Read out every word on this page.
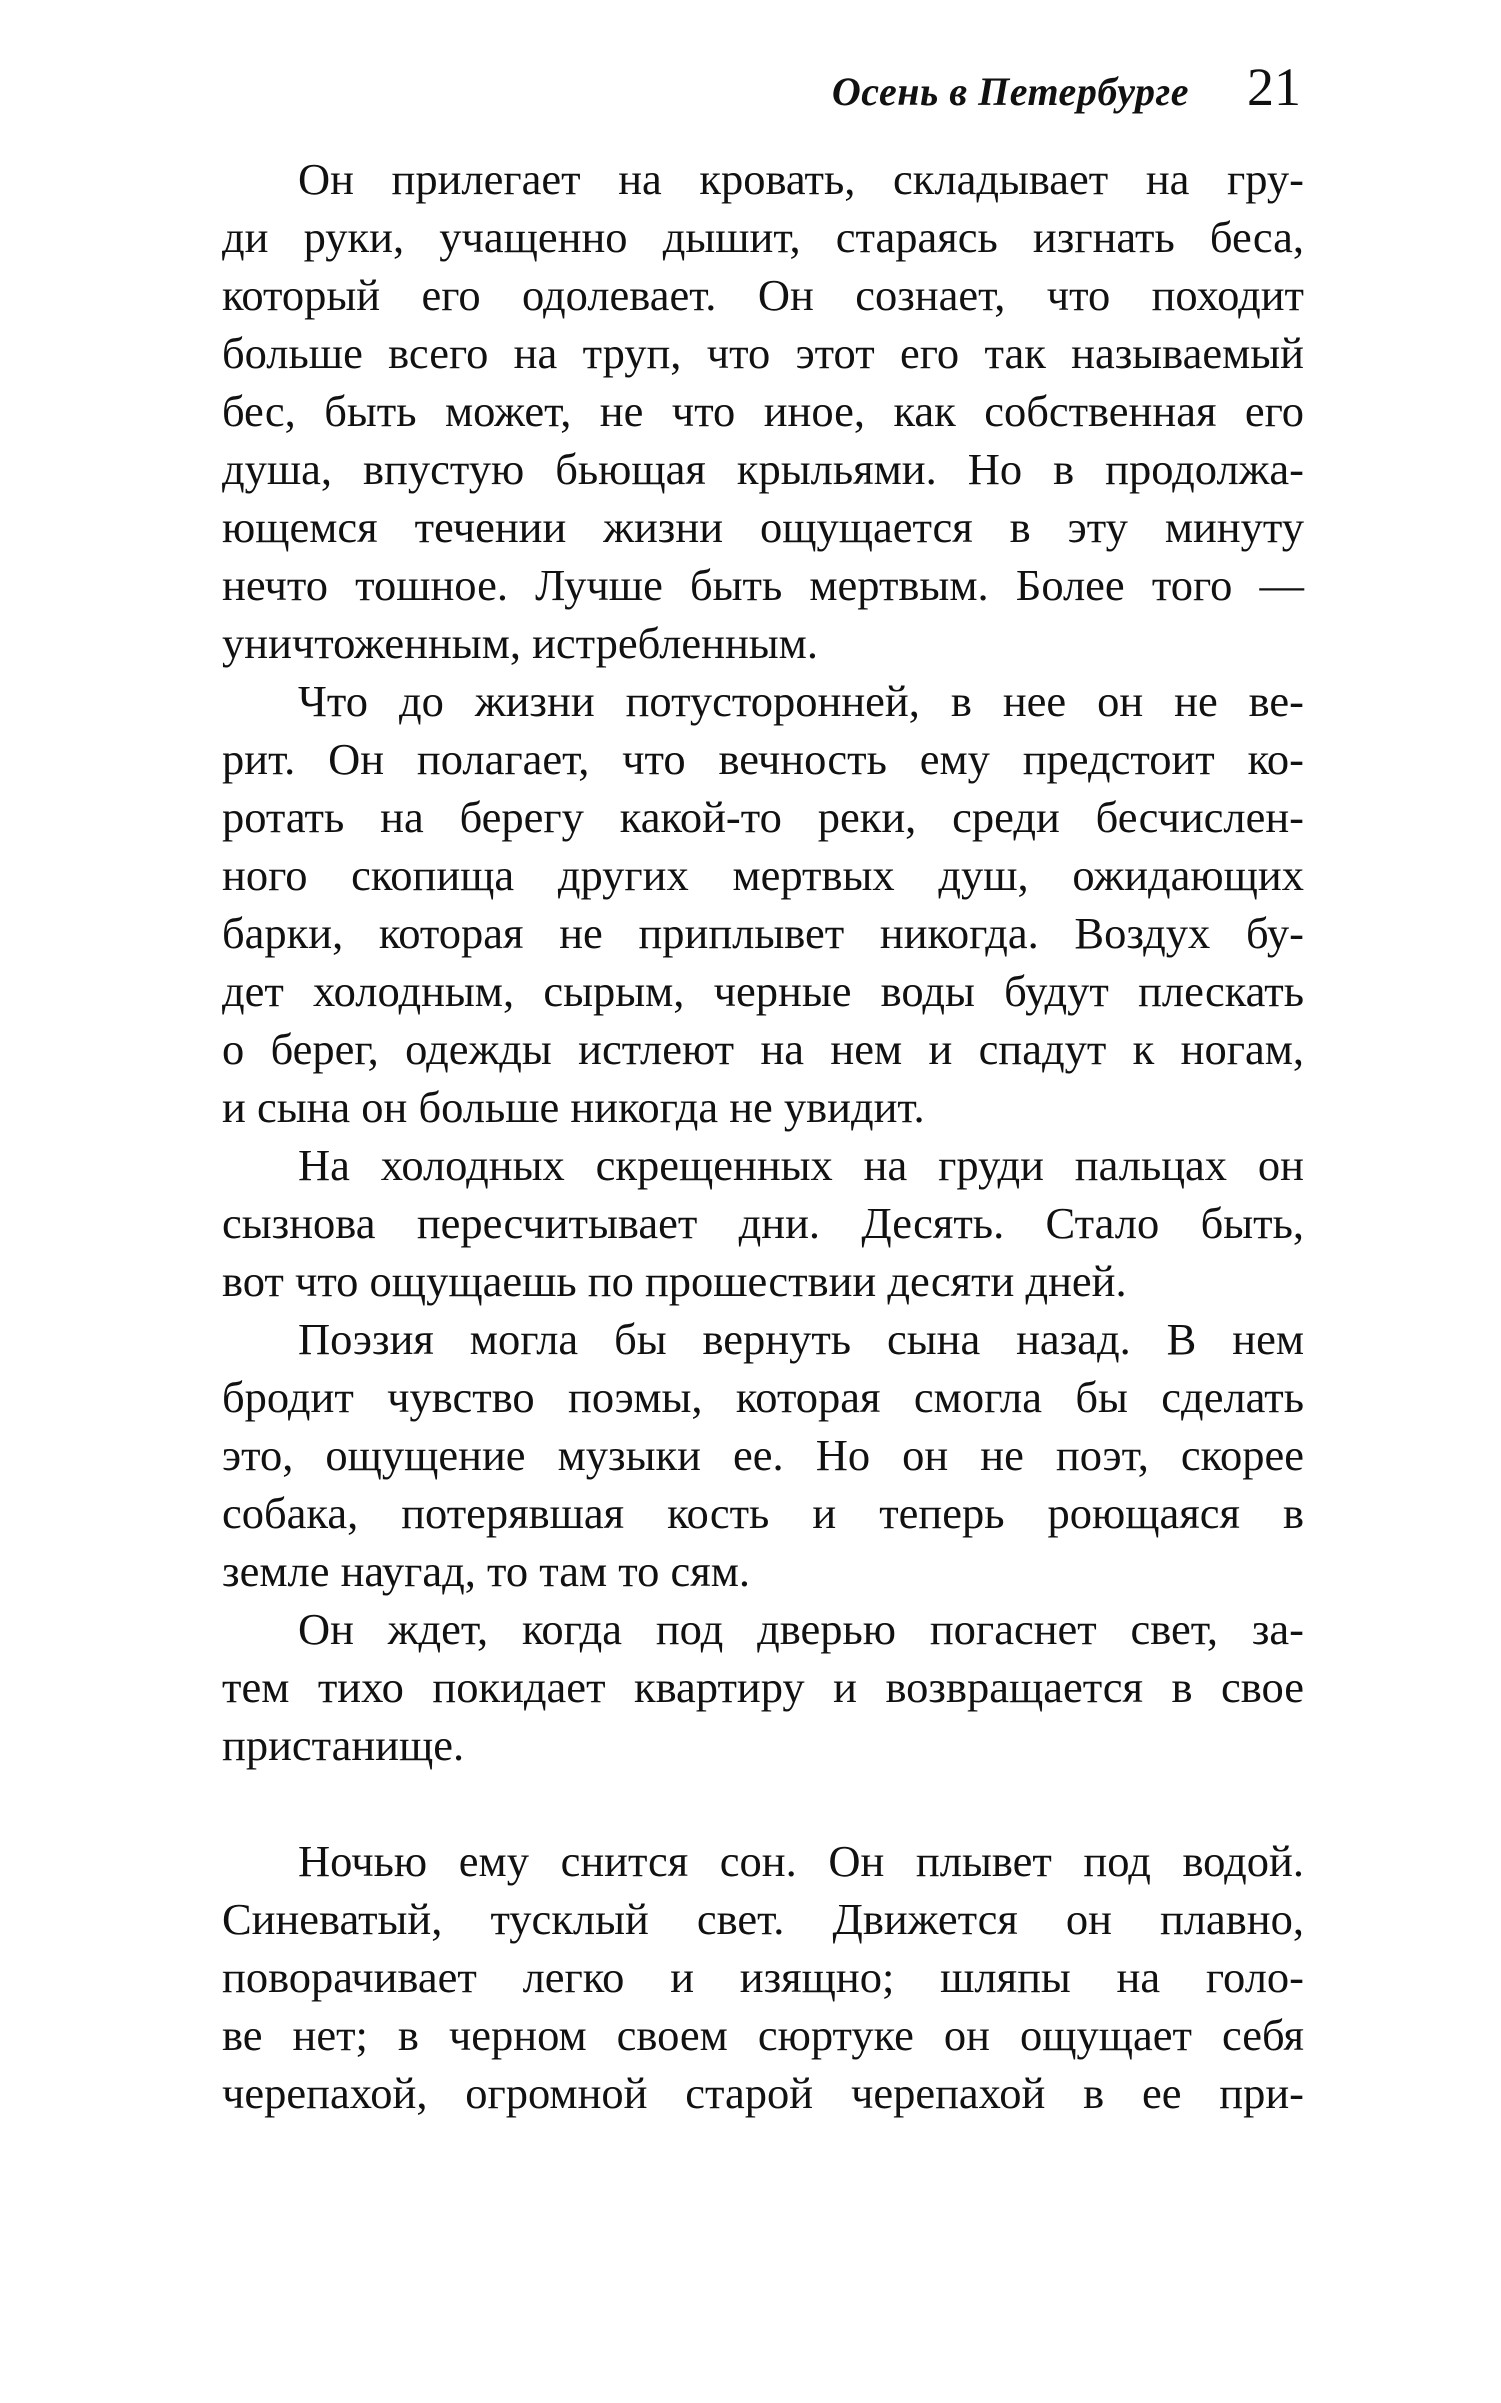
Осень в Петербурге 21
Он прилегает на кровать, складывает на гру-
ди руки, учащенно дышит, стараясь изгнать беса,
который его одолевает. Он сознает, что походит
больше всего на труп, что этот его так называемый
бес, быть может, не что иное, как собственная его
душа, впустую бьющая крыльями. Но в продолжа-
ющемся течении жизни ощущается в эту минуту
нечто тошное. Лучше быть мертвым. Более того —
уничтоженным, истребленным.
Что до жизни потусторонней, в нее он не ве-
рит. Он полагает, что вечность ему предстоит ко-
ротать на берегу какой-то реки, среди бесчислен-
ного скопища других мертвых душ, ожидающих
барки, которая не приплывет никогда. Воздух бу-
дет холодным, сырым, черные воды будут плескать
о берег, одежды истлеют на нем и спадут к ногам,
и сына он больше никогда не увидит.
На холодных скрещенных на груди пальцах он
сызнова пересчитывает дни. Десять. Стало быть,
вот что ощущаешь по прошествии десяти дней.
Поэзия могла бы вернуть сына назад. В нем
бродит чувство поэмы, которая смогла бы сделать
это, ощущение музыки ее. Но он не поэт, скорее
собака, потерявшая кость и теперь роющаяся в
земле наугад, то там то сям.
Он ждет, когда под дверью погаснет свет, за-
тем тихо покидает квартиру и возвращается в свое
пристанище.
Ночью ему снится сон. Он плывет под водой.
Синеватый, тусклый свет. Движется он плавно,
поворачивает легко и изящно; шляпы на голо-
ве нет; в черном своем сюртуке он ощущает себя
черепахой, огромной старой черепахой в ее при-
